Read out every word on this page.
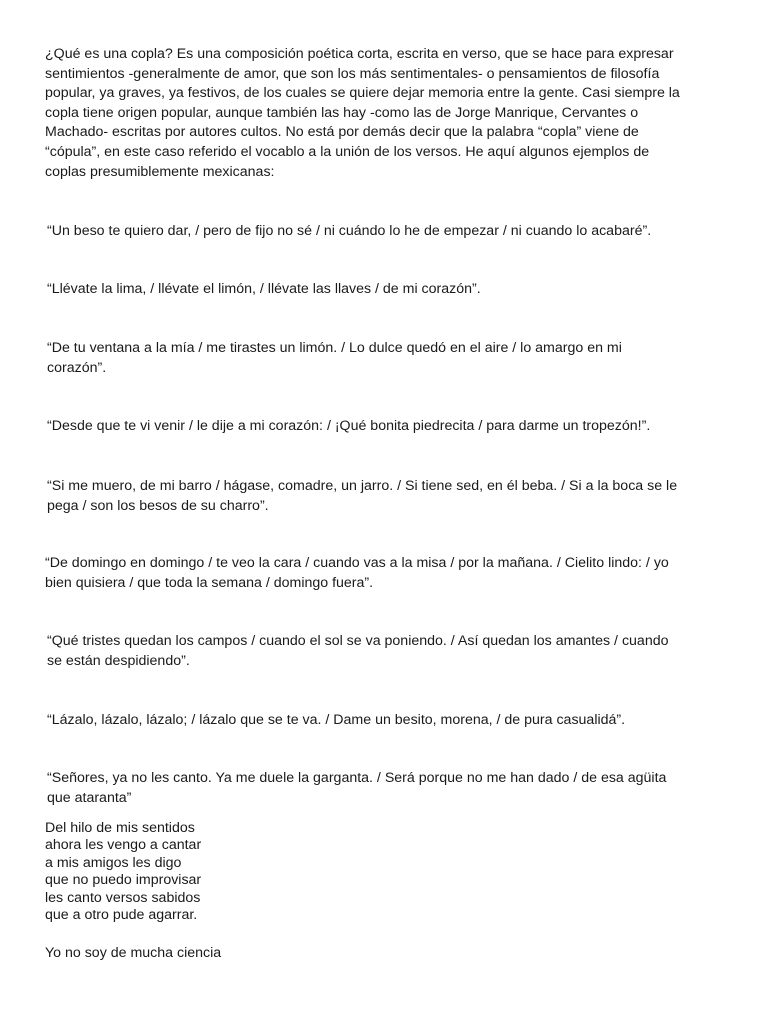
¿Qué es una copla? Es una composición poética corta, escrita en verso, que se hace para expresar
sentimientos -generalmente de amor, que son los más sentimentales- o pensamientos de filosofía
popular, ya graves, ya festivos, de los cuales se quiere dejar memoria entre la gente. Casi siempre la
copla tiene origen popular, aunque también las hay -como las de Jorge Manrique, Cervantes o
Machado- escritas por autores cultos. No está por demás decir que la palabra “copla” viene de
“cópula”, en este caso referido el vocablo a la unión de los versos. He aquí algunos ejemplos de
coplas presumiblemente mexicanas:

“Un beso te quiero dar, / pero de fijo no sé / ni cuándo lo he de empezar / ni cuando lo acabaré”.

“Llévate la lima, / llévate el limón, / llévate las llaves / de mi corazón”.

“De tu ventana a la mía / me tirastes un limón. / Lo dulce quedó en el aire / lo amargo en mi
corazón”.

“Desde que te vi venir / le dije a mi corazón: / ¡Qué bonita piedrecita / para darme un tropezón!”.

“Si me muero, de mi barro / hágase, comadre, un jarro. / Si tiene sed, en él beba. / Si a la boca se le
pega / son los besos de su charro”.

“De domingo en domingo / te veo la cara / cuando vas a la misa / por la mañana. / Cielito lindo: / yo
bien quisiera / que toda la semana / domingo fuera”.

“Qué tristes quedan los campos / cuando el sol se va poniendo. / Así quedan los amantes / cuando
se están despidiendo”.

“Lázalo, lázalo, lázalo; / lázalo que se te va. / Dame un besito, morena, / de pura casualidá”.

“Señores, ya no les canto. Ya me duele la garganta. / Será porque no me han dado / de esa agüita
que ataranta”

Del hilo de mis sentidos
ahora les vengo a cantar
a mis amigos les digo
que no puedo improvisar
les canto versos sabidos
que a otro pude agarrar.

Yo no soy de mucha ciencia
